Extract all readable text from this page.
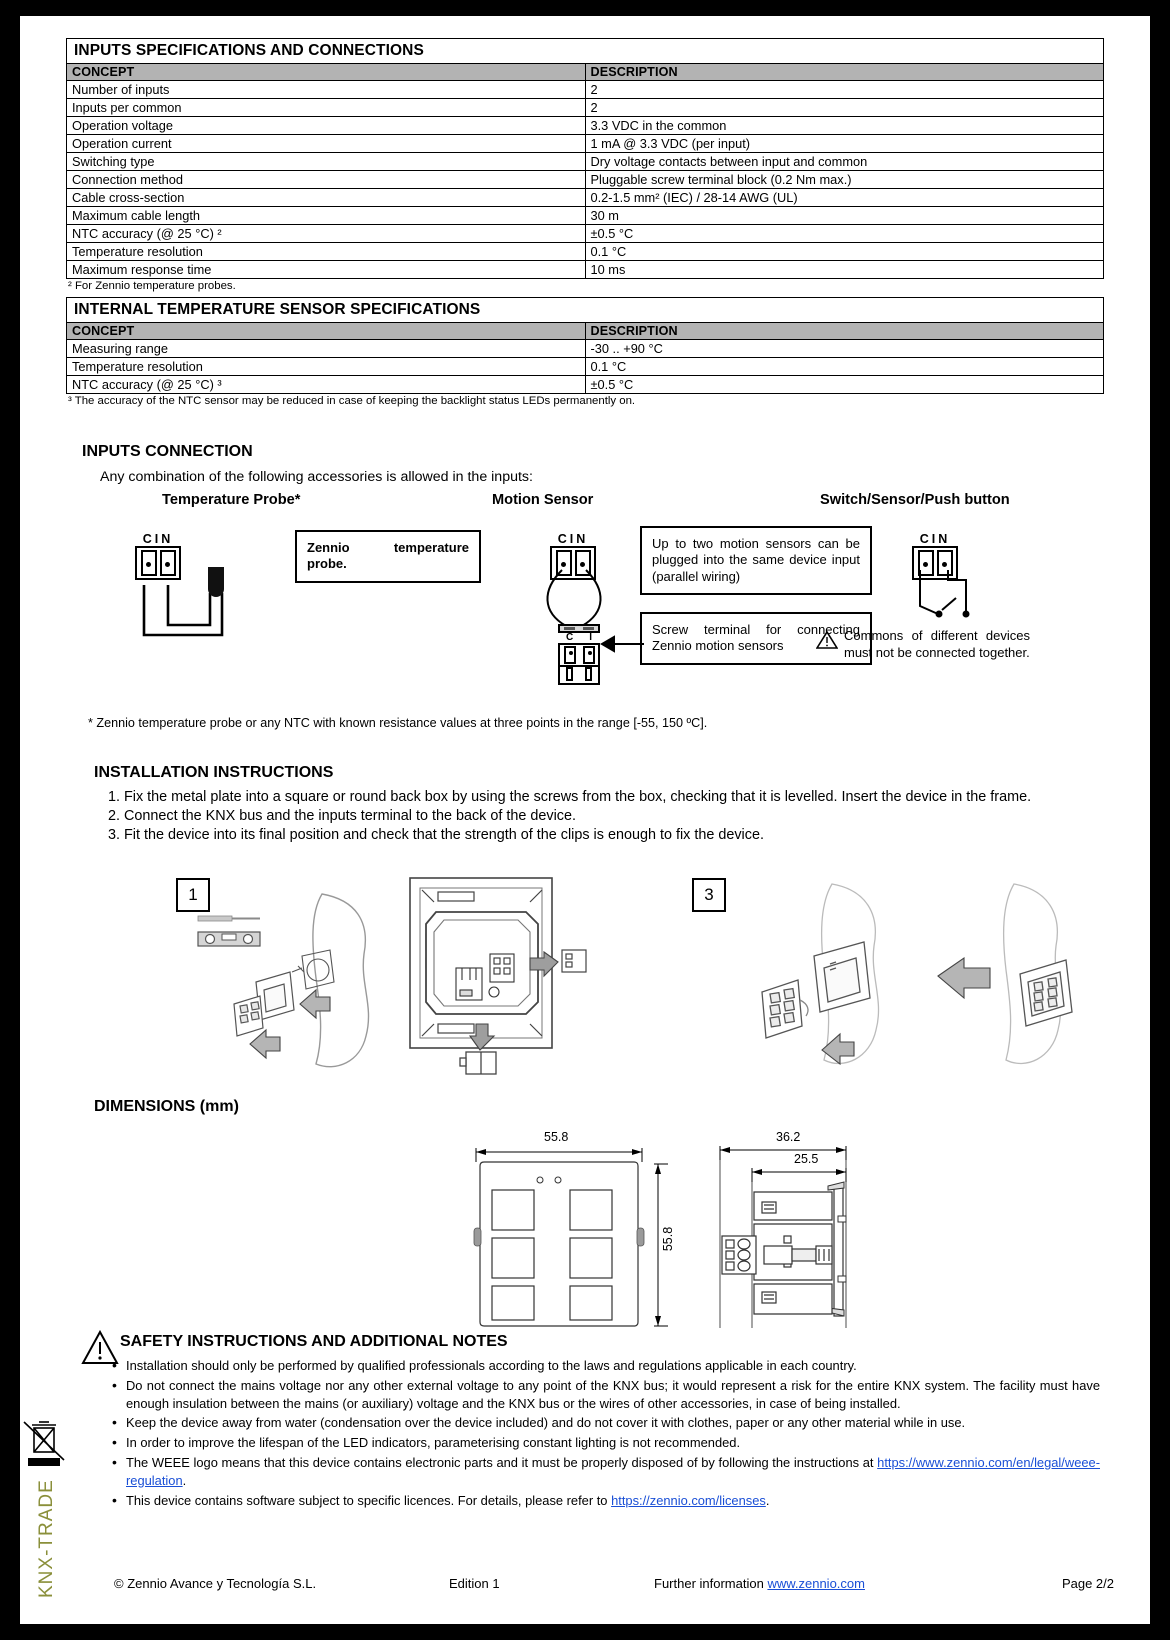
INPUTS SPECIFICATIONS AND CONNECTIONS	
CONCEPT	DESCRIPTION
Number of inputs	2
Inputs per common	2
Operation voltage	3.3 VDC in the common
Operation current	1 mA @ 3.3 VDC (per input)
Switching type	Dry voltage contacts between input and common
Connection method	Pluggable screw terminal block (0.2 Nm max.)
Cable cross-section	0.2-1.5 mm² (IEC) / 28-14 AWG (UL)
Maximum cable length	30 m
NTC accuracy (@ 25 °C) ²	±0.5 °C
Temperature resolution	0.1 °C
Maximum response time	10 ms
² For Zennio temperature probes.
INTERNAL TEMPERATURE SENSOR SPECIFICATIONS	
CONCEPT	DESCRIPTION
Measuring range	-30 .. +90 °C
Temperature resolution	0.1 °C
NTC accuracy (@ 25 °C) ³	±0.5 °C
³ The accuracy of the NTC sensor may be reduced in case of keeping the backlight status LEDs permanently on.
INPUTS CONNECTION
Any combination of the following accessories is allowed in the inputs:
Temperature Probe*	Motion Sensor	Switch/Sensor/Push button
CIN
Zennio temperature probe.
CIN
C I
Up to two motion sensors can be plugged into the same device input (parallel wiring)
Screw terminal for connecting Zennio motion sensors
CIN
Commons of different devices must not be connected together.
* Zennio temperature probe or any NTC with known resistance values at three points in the range [-55, 150 ºC].
INSTALLATION INSTRUCTIONS

1. Fix the metal plate into a square or round back box by using the screws from the box, checking that it is levelled. Insert the device in the frame.

2. Connect the KNX bus and the inputs terminal to the back of the device.

3. Fit the device into its final position and check that the strength of the clips is enough to fix the device.

1	3
DIMENSIONS (mm)
55.8
55.8
36.2
25.5
SAFETY INSTRUCTIONS AND ADDITIONAL NOTES
• Installation should only be performed by qualified professionals according to the laws and regulations applicable in each country.
• Do not connect the mains voltage nor any other external voltage to any point of the KNX bus; it would represent a risk for the entire KNX system. The facility must have enough insulation between the mains (or auxiliary) voltage and the KNX bus or the wires of other accessories, in case of being installed.
• Keep the device away from water (condensation over the device included) and do not cover it with clothes, paper or any other material while in use.
• In order to improve the lifespan of the LED indicators, parameterising constant lighting is not recommended.
• The WEEE logo means that this device contains electronic parts and it must be properly disposed of by following the instructions at https://www.zennio.com/en/legal/weee-regulation.
• This device contains software subject to specific licences. For details, please refer to https://zennio.com/licenses.
© Zennio Avance y Tecnología S.L.	Edition 1	Further information www.zennio.com	Page 2/2
KNX-TRADE
